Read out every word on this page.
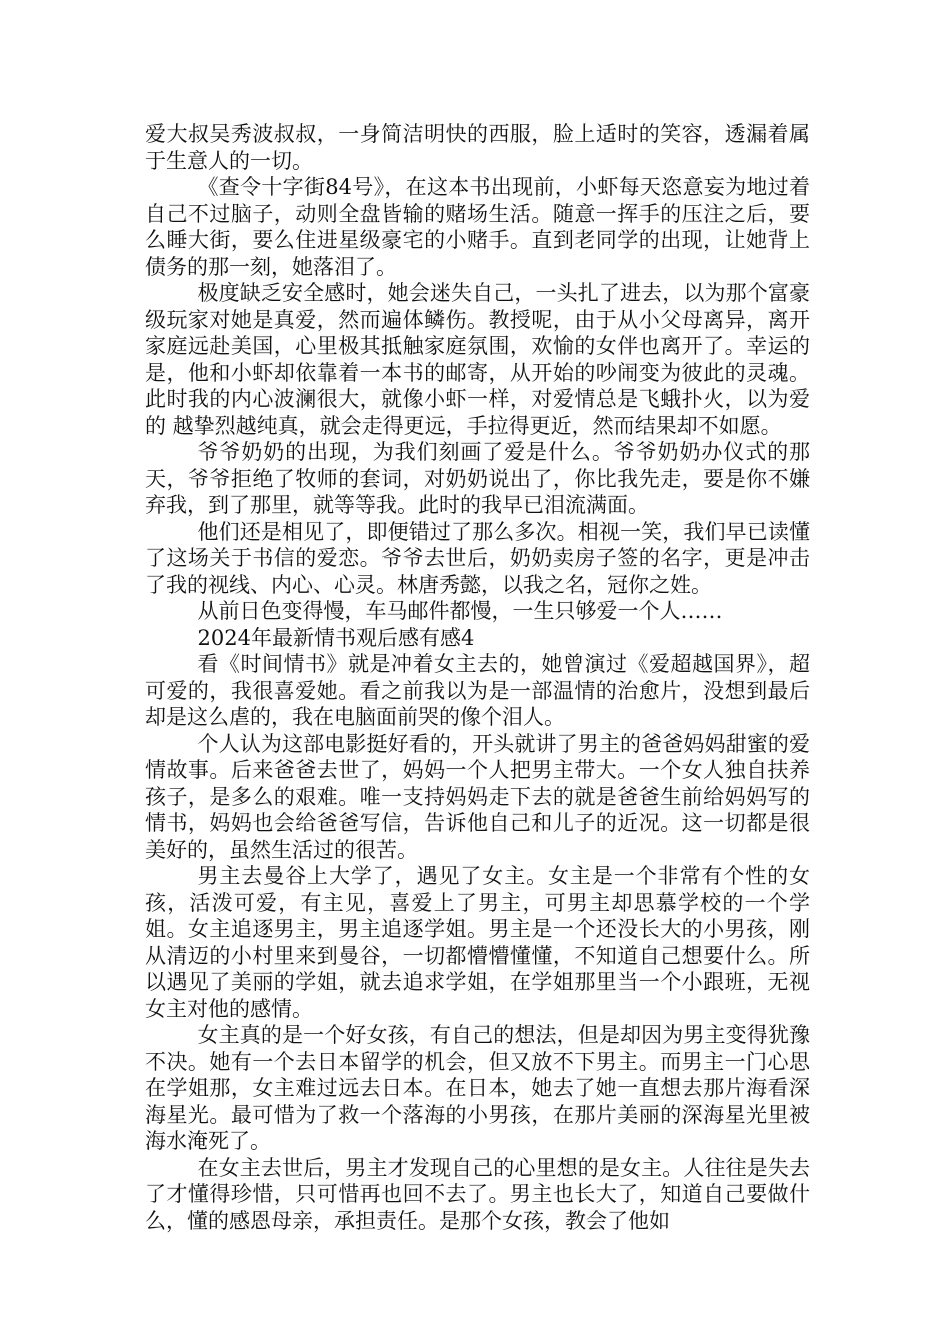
爱大叔吴秀波叔叔，一身简洁明快的西服，脸上适时的笑容，透漏着属于生意人的一切。

《查令十字街84号》，在这本书出现前，小虾每天恣意妄为地过着自己不过脑子，动则全盘皆输的赌场生活。随意一挥手的压注之后，要么睡大街，要么住进星级豪宅的小赌手。直到老同学的出现，让她背上债务的那一刻，她落泪了。

极度缺乏安全感时，她会迷失自己，一头扎了进去，以为那个富豪级玩家对她是真爱，然而遍体鳞伤。教授呢，由于从小父母离异，离开家庭远赴美国，心里极其抵触家庭氛围，欢愉的女伴也离开了。幸运的是，他和小虾却依靠着一本书的邮寄，从开始的吵闹变为彼此的灵魂。此时我的内心波澜很大，就像小虾一样，对爱情总是飞蛾扑火，以为爱的 越挚烈越纯真，就会走得更远，手拉得更近，然而结果却不如愿。

爷爷奶奶的出现，为我们刻画了爱是什么。爷爷奶奶办仪式的那天，爷爷拒绝了牧师的套词，对奶奶说出了，你比我先走，要是你不嫌弃我，到了那里，就等等我。此时的我早已泪流满面。

他们还是相见了，即便错过了那么多次。相视一笑，我们早已读懂了这场关于书信的爱恋。爷爷去世后，奶奶卖房子签的名字，更是冲击了我的视线、内心、心灵。林唐秀懿，以我之名，冠你之姓。

从前日色变得慢，车马邮件都慢，一生只够爱一个人……

2024年最新情书观后感有感4

看《时间情书》就是冲着女主去的，她曾演过《爱超越国界》，超可爱的，我很喜爱她。看之前我以为是一部温情的治愈片，没想到最后却是这么虐的，我在电脑面前哭的像个泪人。

个人认为这部电影挺好看的，开头就讲了男主的爸爸妈妈甜蜜的爱情故事。后来爸爸去世了，妈妈一个人把男主带大。一个女人独自扶养孩子，是多么的艰难。唯一支持妈妈走下去的就是爸爸生前给妈妈写的情书，妈妈也会给爸爸写信，告诉他自己和儿子的近况。这一切都是很美好的，虽然生活过的很苦。

男主去曼谷上大学了，遇见了女主。女主是一个非常有个性的女孩，活泼可爱，有主见，喜爱上了男主，可男主却思慕学校的一个学姐。女主追逐男主，男主追逐学姐。男主是一个还没长大的小男孩，刚从清迈的小村里来到曼谷，一切都懵懵懂懂，不知道自己想要什么。所以遇见了美丽的学姐，就去追求学姐，在学姐那里当一个小跟班，无视女主对他的感情。

女主真的是一个好女孩，有自己的想法，但是却因为男主变得犹豫不决。她有一个去日本留学的机会，但又放不下男主。而男主一门心思在学姐那，女主难过远去日本。在日本，她去了她一直想去那片海看深海星光。最可惜为了救一个落海的小男孩，在那片美丽的深海星光里被海水淹死了。

在女主去世后，男主才发现自己的心里想的是女主。人往往是失去了才懂得珍惜，只可惜再也回不去了。男主也长大了，知道自己要做什么，懂的感恩母亲，承担责任。是那个女孩，教会了他如
